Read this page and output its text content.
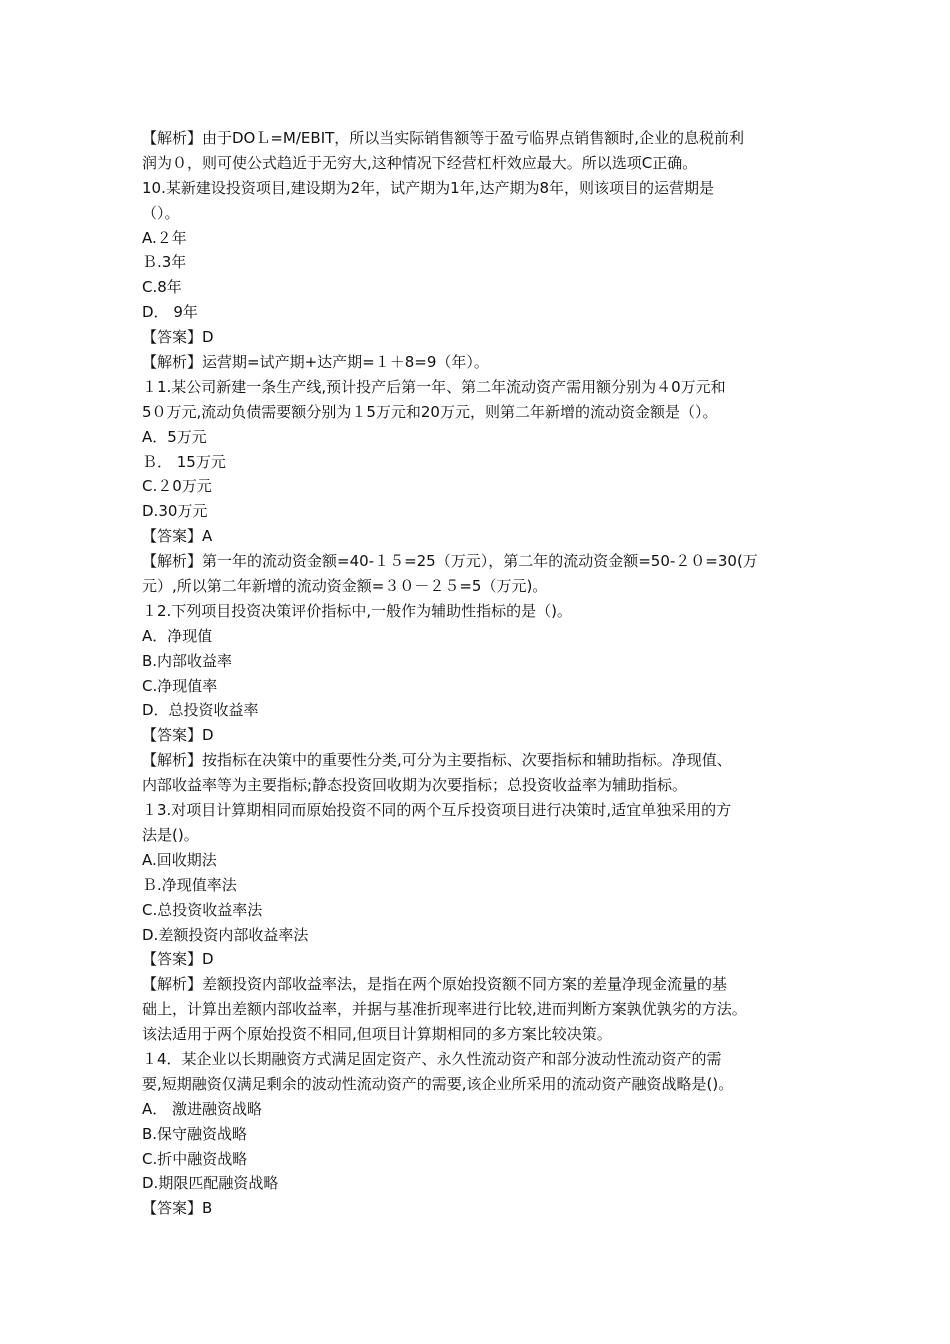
【解析】由于DOＬ=M/EBIT，所以当实际销售额等于盈亏临界点销售额时,企业的息税前利
润为０，则可使公式趋近于无穷大,这种情况下经营杠杆效应最大。所以选项C正确。
10.某新建设投资项目,建设期为2年，试产期为1年,达产期为8年，则该项目的运营期是
（）。
A.２年
Ｂ.3年
C.8年
D． 9年
【答案】D
【解析】运营期=试产期+达产期=１＋8=9（年）。
１1.某公司新建一条生产线,预计投产后第一年、第二年流动资产需用额分别为４0万元和
5０万元,流动负债需要额分别为１5万元和20万元，则第二年新增的流动资金额是（）。
A．5万元
Ｂ． 15万元
C.２0万元
D.30万元
【答案】A
【解析】第一年的流动资金额=40-１５=25（万元），第二年的流动资金额=50-２０=30(万
元）,所以第二年新增的流动资金额=３０－２５=5（万元)。
１2.下列项目投资决策评价指标中,一般作为辅助性指标的是（)。
A．净现值
B.内部收益率
C.净现值率
D．总投资收益率
【答案】D
【解析】按指标在决策中的重要性分类,可分为主要指标、次要指标和辅助指标。净现值、
内部收益率等为主要指标;静态投资回收期为次要指标；总投资收益率为辅助指标。
１3.对项目计算期相同而原始投资不同的两个互斥投资项目进行决策时,适宜单独采用的方
法是()。
A.回收期法
Ｂ.净现值率法
C.总投资收益率法
D.差额投资内部收益率法
【答案】D
【解析】差额投资内部收益率法，是指在两个原始投资额不同方案的差量净现金流量的基
础上，计算出差额内部收益率，并据与基准折现率进行比较,进而判断方案孰优孰劣的方法。
该法适用于两个原始投资不相同,但项目计算期相同的多方案比较决策。
１4．某企业以长期融资方式满足固定资产、永久性流动资产和部分波动性流动资产的需
要,短期融资仅满足剩余的波动性流动资产的需要,该企业所采用的流动资产融资战略是()。
A． 激进融资战略
B.保守融资战略
C.折中融资战略
D.期限匹配融资战略
【答案】B
